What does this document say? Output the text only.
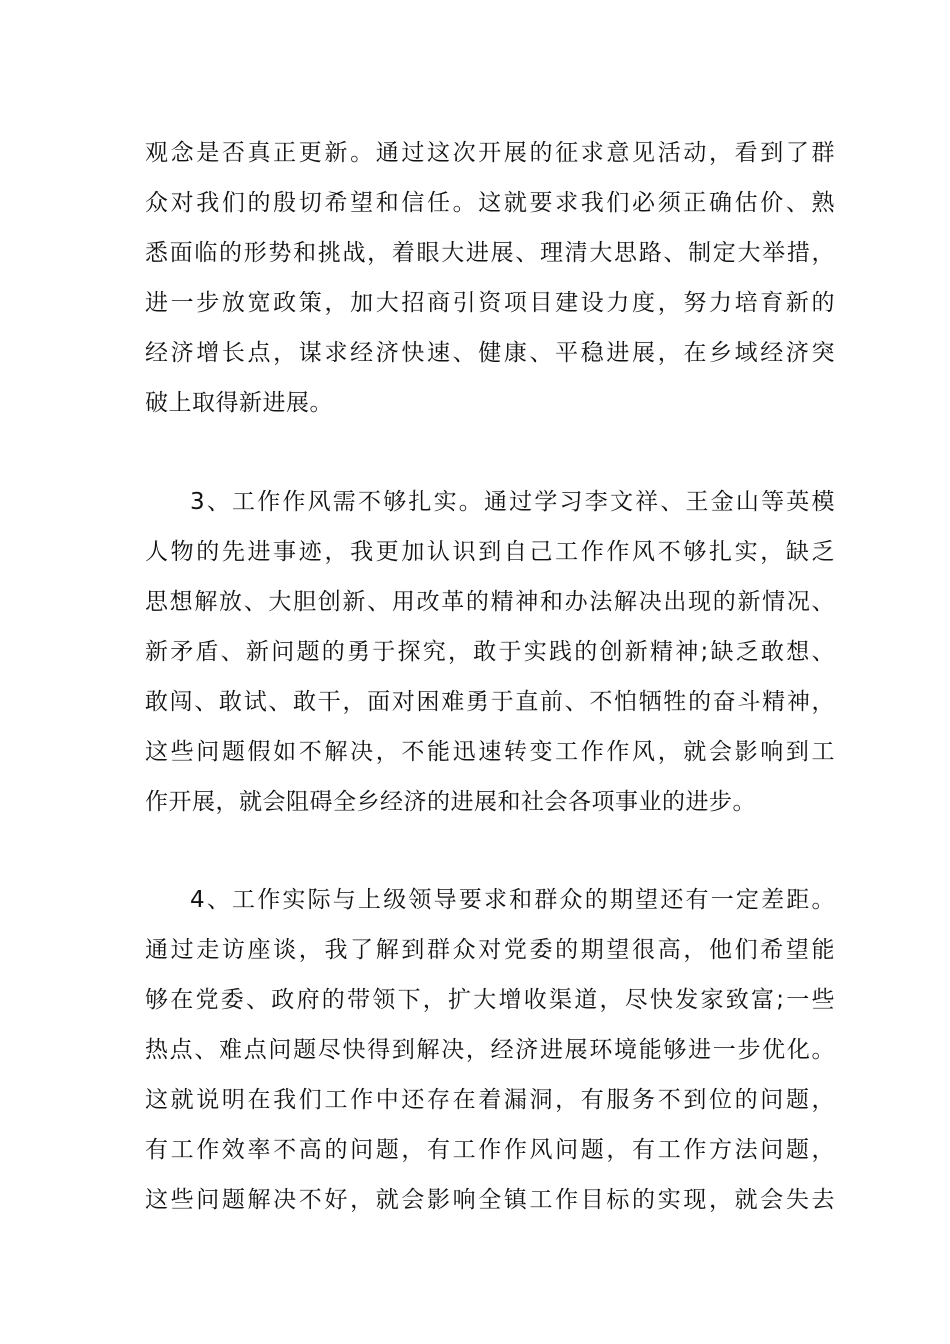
观念是否真正更新。通过这次开展的征求意见活动，看到了群
众对我们的殷切希望和信任。这就要求我们必须正确估价、熟
悉面临的形势和挑战，着眼大进展、理清大思路、制定大举措，
进一步放宽政策，加大招商引资项目建设力度，努力培育新的
经济增长点，谋求经济快速、健康、平稳进展，在乡域经济突
破上取得新进展。
3、工作作风需不够扎实。通过学习李文祥、王金山等英模
人物的先进事迹，我更加认识到自己工作作风不够扎实，缺乏
思想解放、大胆创新、用改革的精神和办法解决出现的新情况、
新矛盾、新问题的勇于探究，敢于实践的创新精神;缺乏敢想、
敢闯、敢试、敢干，面对困难勇于直前、不怕牺牲的奋斗精神，
这些问题假如不解决，不能迅速转变工作作风，就会影响到工
作开展，就会阻碍全乡经济的进展和社会各项事业的进步。
4、工作实际与上级领导要求和群众的期望还有一定差距。
通过走访座谈，我了解到群众对党委的期望很高，他们希望能
够在党委、政府的带领下，扩大增收渠道，尽快发家致富;一些
热点、难点问题尽快得到解决，经济进展环境能够进一步优化。
这就说明在我们工作中还存在着漏洞，有服务不到位的问题，
有工作效率不高的问题，有工作作风问题，有工作方法问题，
这些问题解决不好，就会影响全镇工作目标的实现，就会失去
